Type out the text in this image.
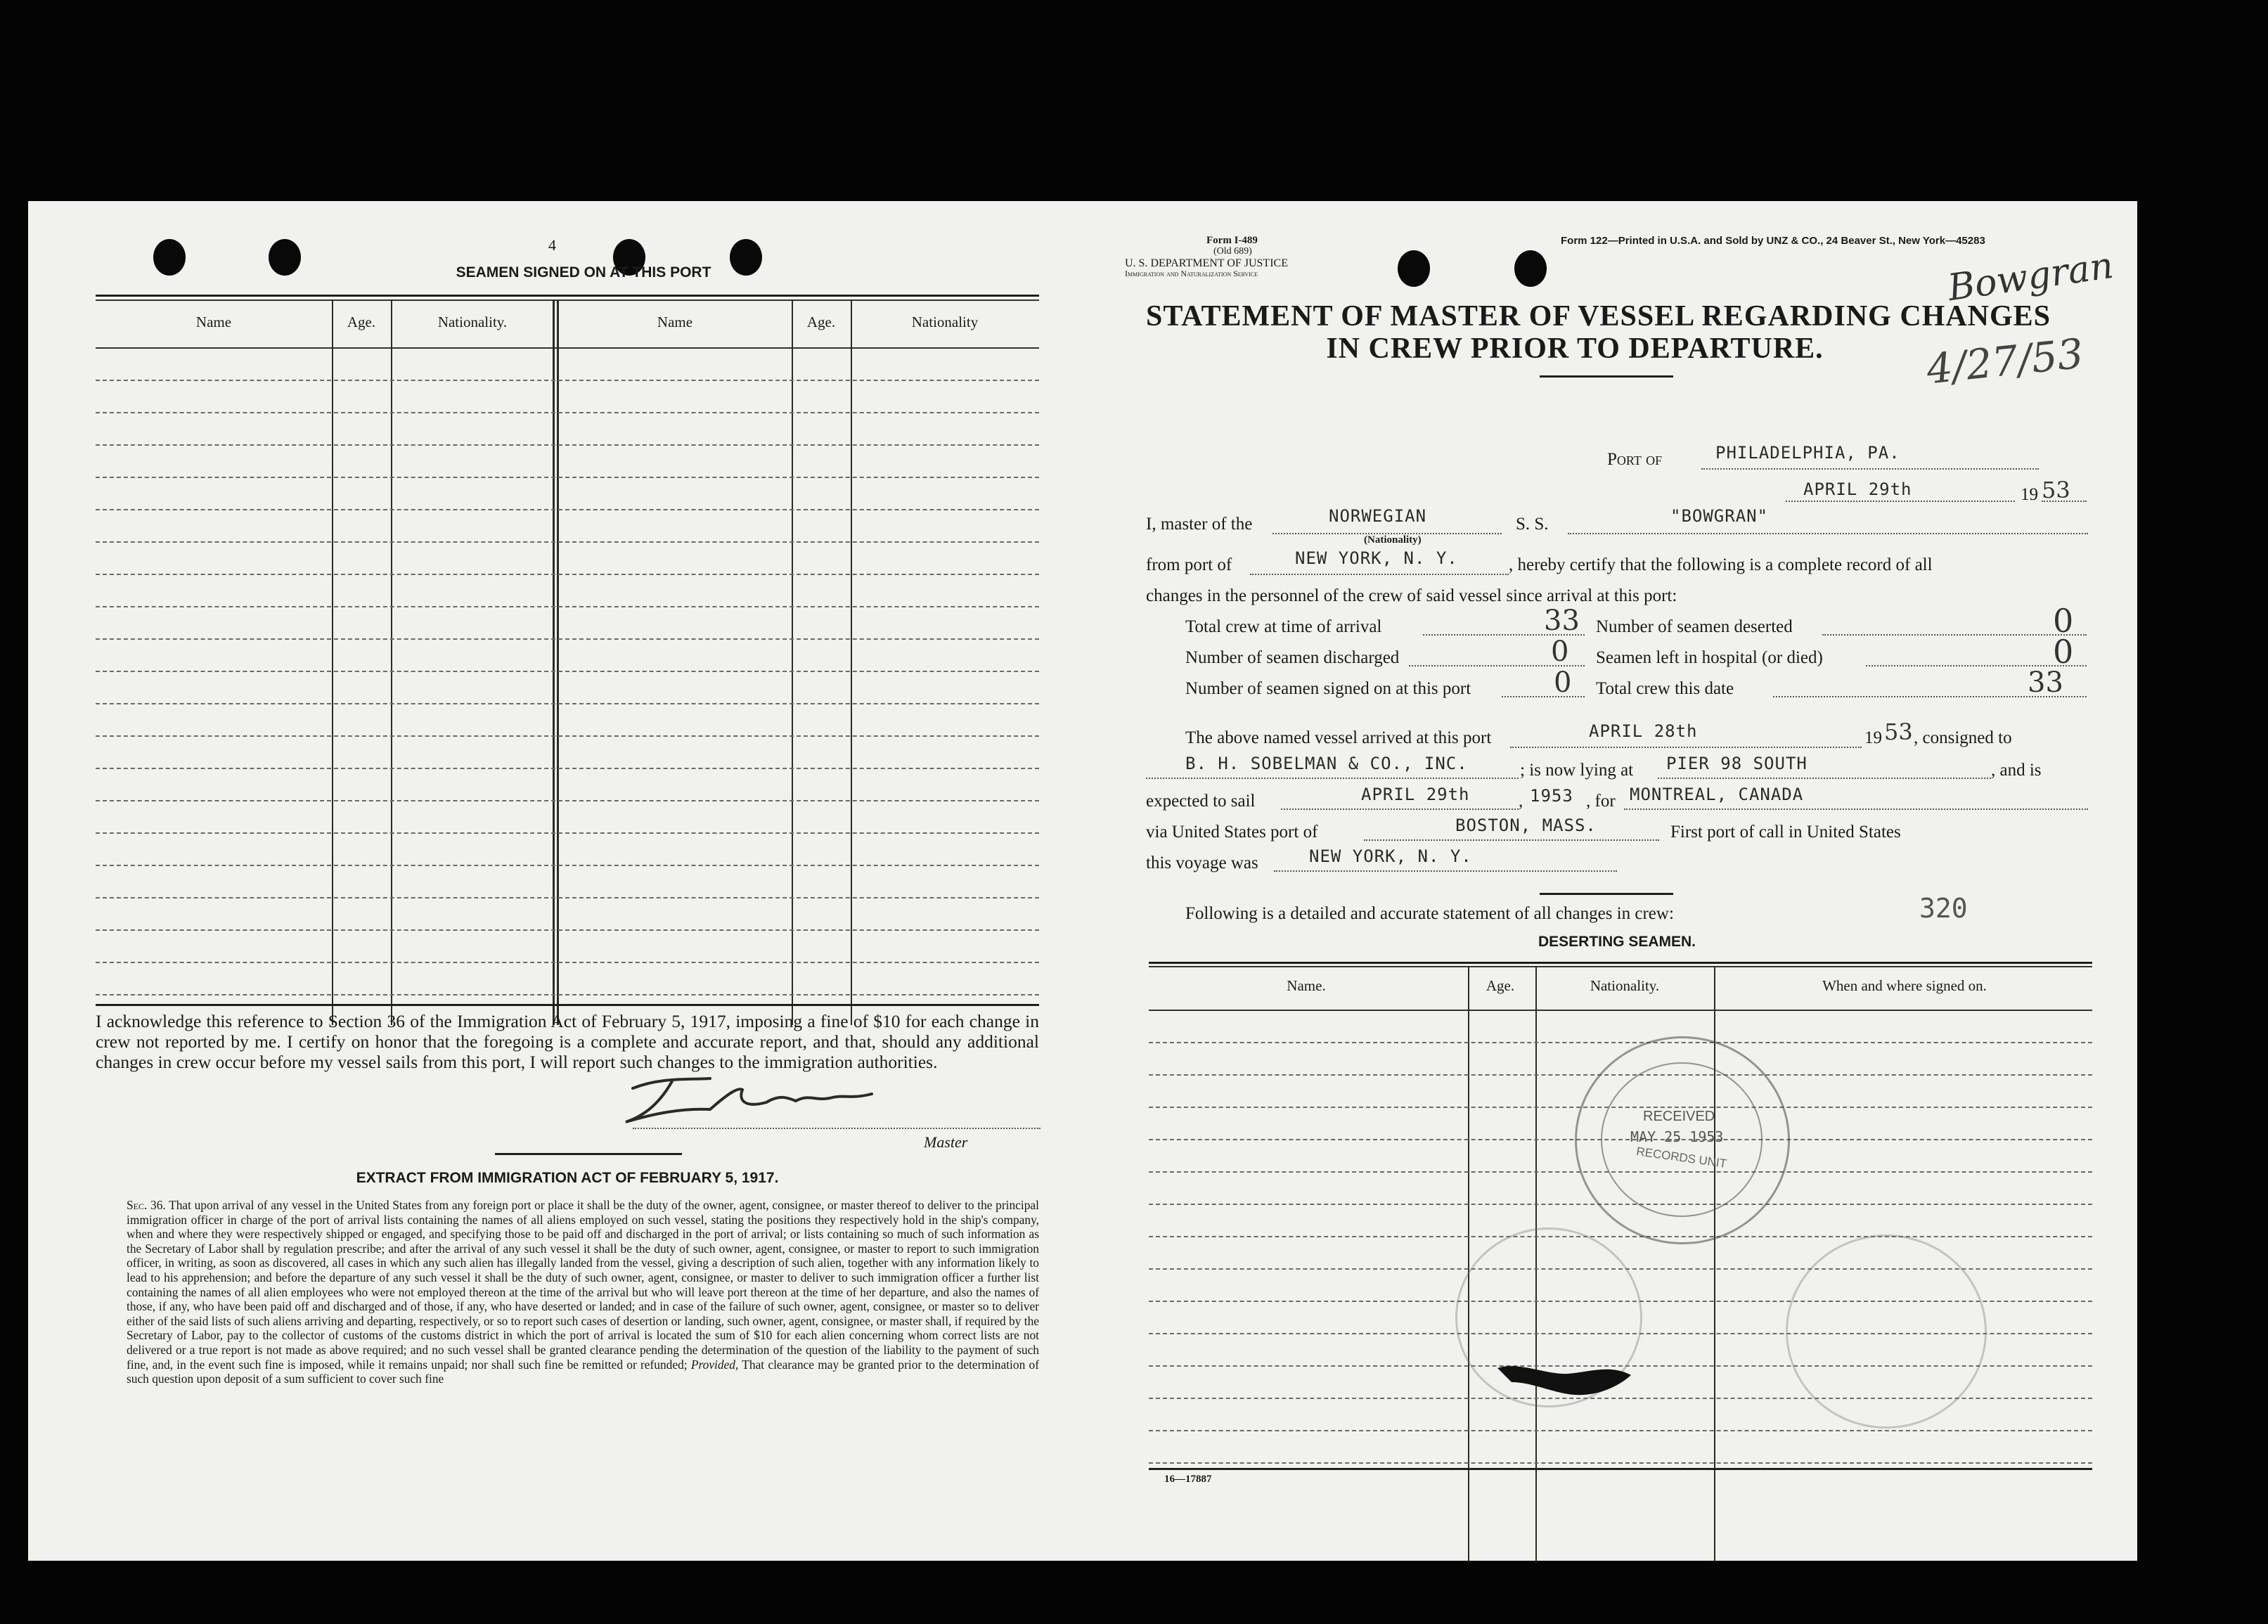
4
SEAMEN SIGNED ON AT THIS PORT
Name	Age.	Nationality.	Name	Age.	Nationality
I acknowledge this reference to Section 36 of the Immigration Act of February 5, 1917, imposing a fine of $10 for each change in crew not reported by me. I certify on honor that the foregoing is a complete and accurate report, and that, should any additional changes in crew occur before my vessel sails from this port, I will report such changes to the immigration authorities.
Master
EXTRACT FROM IMMIGRATION ACT OF FEBRUARY 5, 1917.
Sec. 36. That upon arrival of any vessel in the United States from any foreign port or place it shall be the duty of the owner, agent, consignee, or master thereof to deliver to the principal immigration officer in charge of the port of arrival lists containing the names of all aliens employed on such vessel, stating the positions they respectively hold in the ship's company, when and where they were respectively shipped or engaged, and specifying those to be paid off and discharged in the port of arrival; or lists containing so much of such information as the Secretary of Labor shall by regulation prescribe; and after the arrival of any such vessel it shall be the duty of such owner, agent, consignee, or master to report to such immigration officer, in writing, as soon as discovered, all cases in which any such alien has illegally landed from the vessel, giving a description of such alien, together with any information likely to lead to his apprehension; and before the departure of any such vessel it shall be the duty of such owner, agent, consignee, or master to deliver to such immigration officer a further list containing the names of all alien employees who were not employed thereon at the time of the arrival but who will leave port thereon at the time of her departure, and also the names of those, if any, who have been paid off and discharged and of those, if any, who have deserted or landed; and in case of the failure of such owner, agent, consignee, or master so to deliver either of the said lists of such aliens arriving and departing, respectively, or so to report such cases of desertion or landing, such owner, agent, consignee, or master shall, if required by the Secretary of Labor, pay to the collector of customs of the customs district in which the port of arrival is located the sum of $10 for each alien concerning whom correct lists are not delivered or a true report is not made as above required; and no such vessel shall be granted clearance pending the determination of the question of the liability to the payment of such fine, and, in the event such fine is imposed, while it remains unpaid; nor shall such fine be remitted or refunded; Provided, That clearance may be granted prior to the determination of such question upon deposit of a sum sufficient to cover such fine
Form I-489
(Old 689)
U. S. DEPARTMENT OF JUSTICE
Immigration and Naturalization Service
Form 122—Printed in U.S.A. and Sold by UNZ & CO., 24 Beaver St., New York—45283
Bowgran
4/27/53
STATEMENT OF MASTER OF VESSEL REGARDING CHANGES
IN CREW PRIOR TO DEPARTURE.
Port of	PHILADELPHIA, PA.
APRIL 29th	19 53
I, master of the	NORWEGIAN
(Nationality)
S. S.	"BOWGRAN"
from port of	NEW YORK, N. Y.	, hereby certify that the following is a complete record of all
changes in the personnel of the crew of said vessel since arrival at this port:
Total crew at time of arrival	33 Number of seamen deserted	0
Number of seamen discharged	0 Seamen left in hospital (or died)	0
Number of seamen signed on at this port	0 Total crew this date	33
The above named vessel arrived at this port	APRIL 28th	19 53 , consigned to
B. H. SOBELMAN & CO., INC.	; is now lying at PIER 98 SOUTH	, and is
expected to sail	APRIL 29th	, 1953 , for MONTREAL, CANADA
via United States port of	BOSTON, MASS.	First port of call in United States
this voyage was	NEW YORK, N. Y.
Following is a detailed and accurate statement of all changes in crew:	320
DESERTING SEAMEN.
Name.	Age.	Nationality.	When and where signed on.
16—17887
RECEIVED
MAY 25 1953
RECORDS UNIT
